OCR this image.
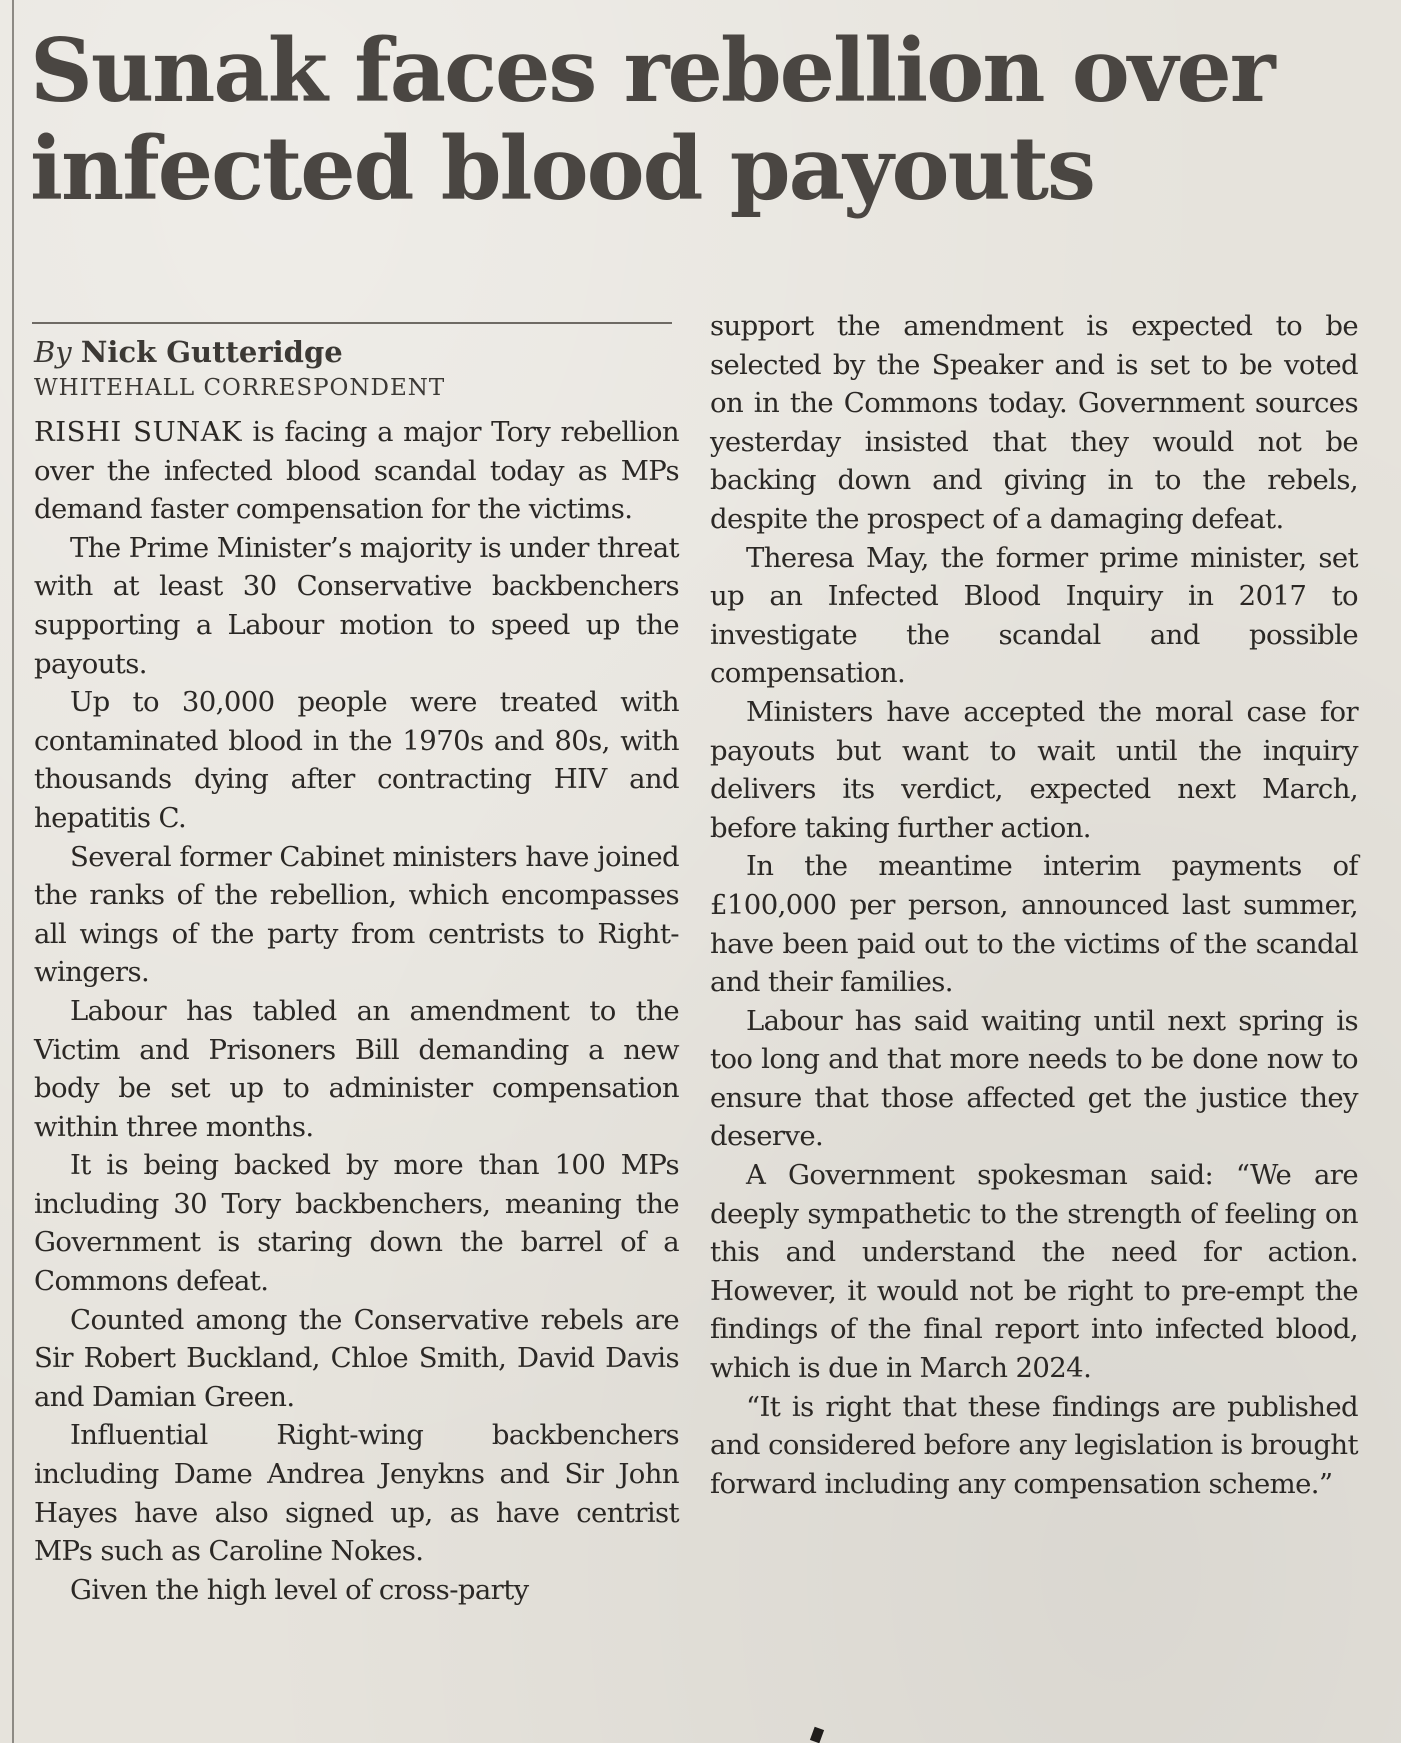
Sunak faces rebellion over infected blood payouts
By Nick Gutteridge
WHITEHALL CORRESPONDENT

RISHI SUNAK is facing a major Tory rebellion over the infected blood scandal today as MPs demand faster compensation for the victims.

The Prime Minister’s majority is under threat with at least 30 Conservative backbenchers supporting a Labour motion to speed up the payouts.

Up to 30,000 people were treated with contaminated blood in the 1970s and 80s, with thousands dying after contracting HIV and hepatitis C.

Several former Cabinet ministers have joined the ranks of the rebellion, which encompasses all wings of the party from centrists to Right-wingers.

Labour has tabled an amendment to the Victim and Prisoners Bill demanding a new body be set up to administer compensation within three months.

It is being backed by more than 100 MPs including 30 Tory backbenchers, meaning the Government is staring down the barrel of a Commons defeat.

Counted among the Conservative rebels are Sir Robert Buckland, Chloe Smith, David Davis and Damian Green.

Influential Right-wing backbenchers including Dame Andrea Jenykns and Sir John Hayes have also signed up, as have centrist MPs such as Caroline Nokes.

Given the high level of cross-party

support the amendment is expected to be selected by the Speaker and is set to be voted on in the Commons today. Government sources yesterday insisted that they would not be backing down and giving in to the rebels, despite the prospect of a damaging defeat.

Theresa May, the former prime minister, set up an Infected Blood Inquiry in 2017 to investigate the scandal and possible compensation.

Ministers have accepted the moral case for payouts but want to wait until the inquiry delivers its verdict, expected next March, before taking further action.

In the meantime interim payments of £100,000 per person, announced last summer, have been paid out to the victims of the scandal and their families.

Labour has said waiting until next spring is too long and that more needs to be done now to ensure that those affected get the justice they deserve.

A Government spokesman said: “We are deeply sympathetic to the strength of feeling on this and understand the need for action. However, it would not be right to pre-empt the findings of the final report into infected blood, which is due in March 2024.

“It is right that these findings are published and considered before any legislation is brought forward including any compensation scheme.”
